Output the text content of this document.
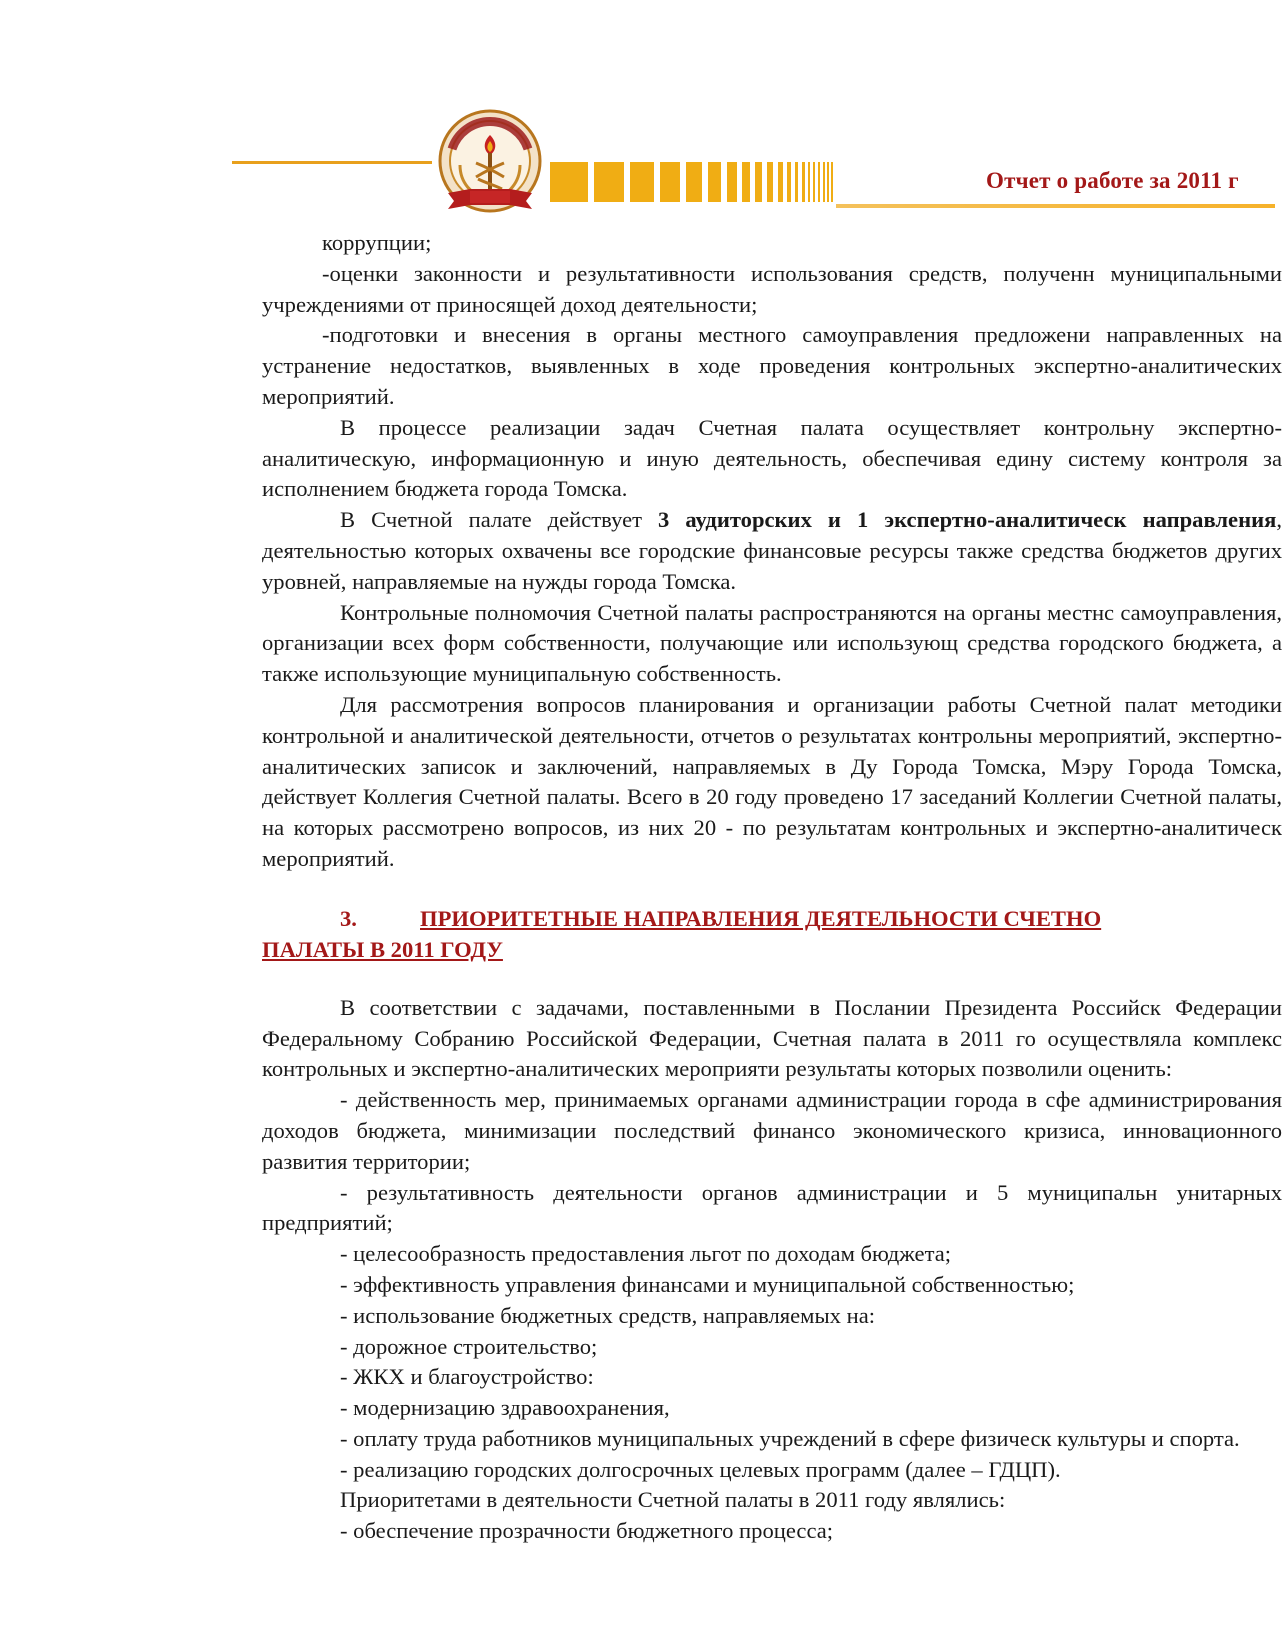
Отчет о работе за 2011 г

коррупции;

-оценки законности и результативности использования средств, полученн муниципальными учреждениями от приносящей доход деятельности;

-подготовки и внесения в органы местного самоуправления предложени направленных на устранение недостатков, выявленных в ходе проведения контрольных экспертно-аналитических мероприятий.

В процессе реализации задач Счетная палата осуществляет контрольну экспертно-аналитическую, информационную и иную деятельность, обеспечивая едину систему контроля за исполнением бюджета города Томска.

В Счетной палате действует 3 аудиторских и 1 экспертно-аналитическ направления, деятельностью которых охвачены все городские финансовые ресурсы также средства бюджетов других уровней, направляемые на нужды города Томска.

Контрольные полномочия Счетной палаты распространяются на органы местнс самоуправления, организации всех форм собственности, получающие или использующ средства городского бюджета, а также использующие муниципальную собственность.

Для рассмотрения вопросов планирования и организации работы Счетной палат методики контрольной и аналитической деятельности, отчетов о результатах контрольны мероприятий, экспертно-аналитических записок и заключений, направляемых в Ду Города Томска, Мэру Города Томска, действует Коллегия Счетной палаты. Всего в 20 году проведено 17 заседаний Коллегии Счетной палаты, на которых рассмотрено вопросов, из них 20 - по результатам контрольных и экспертно-аналитическ мероприятий.

3.	ПРИОРИТЕТНЫЕ НАПРАВЛЕНИЯ ДЕЯТЕЛЬНОСТИ СЧЕТНО
ПАЛАТЫ В 2011 ГОДУ

В соответствии с задачами, поставленными в Послании Президента Российск Федерации Федеральному Собранию Российской Федерации, Счетная палата в 2011 го осуществляла комплекс контрольных и экспертно-аналитических мероприяти результаты которых позволили оценить:

- действенность мер, принимаемых органами администрации города в сфе администрирования доходов бюджета, минимизации последствий финансо экономического кризиса, инновационного развития территории;

- результативность деятельности органов администрации и 5 муниципальн унитарных предприятий;

- целесообразность предоставления льгот по доходам бюджета;

- эффективность управления финансами и муниципальной собственностью;

- использование бюджетных средств, направляемых на:

- дорожное строительство;

- ЖКХ и благоустройство:

- модернизацию здравоохранения,

- оплату труда работников муниципальных учреждений в сфере физическ культуры и спорта.

- реализацию городских долгосрочных целевых программ (далее – ГДЦП).

Приоритетами в деятельности Счетной палаты в 2011 году являлись:

- обеспечение прозрачности бюджетного процесса;
